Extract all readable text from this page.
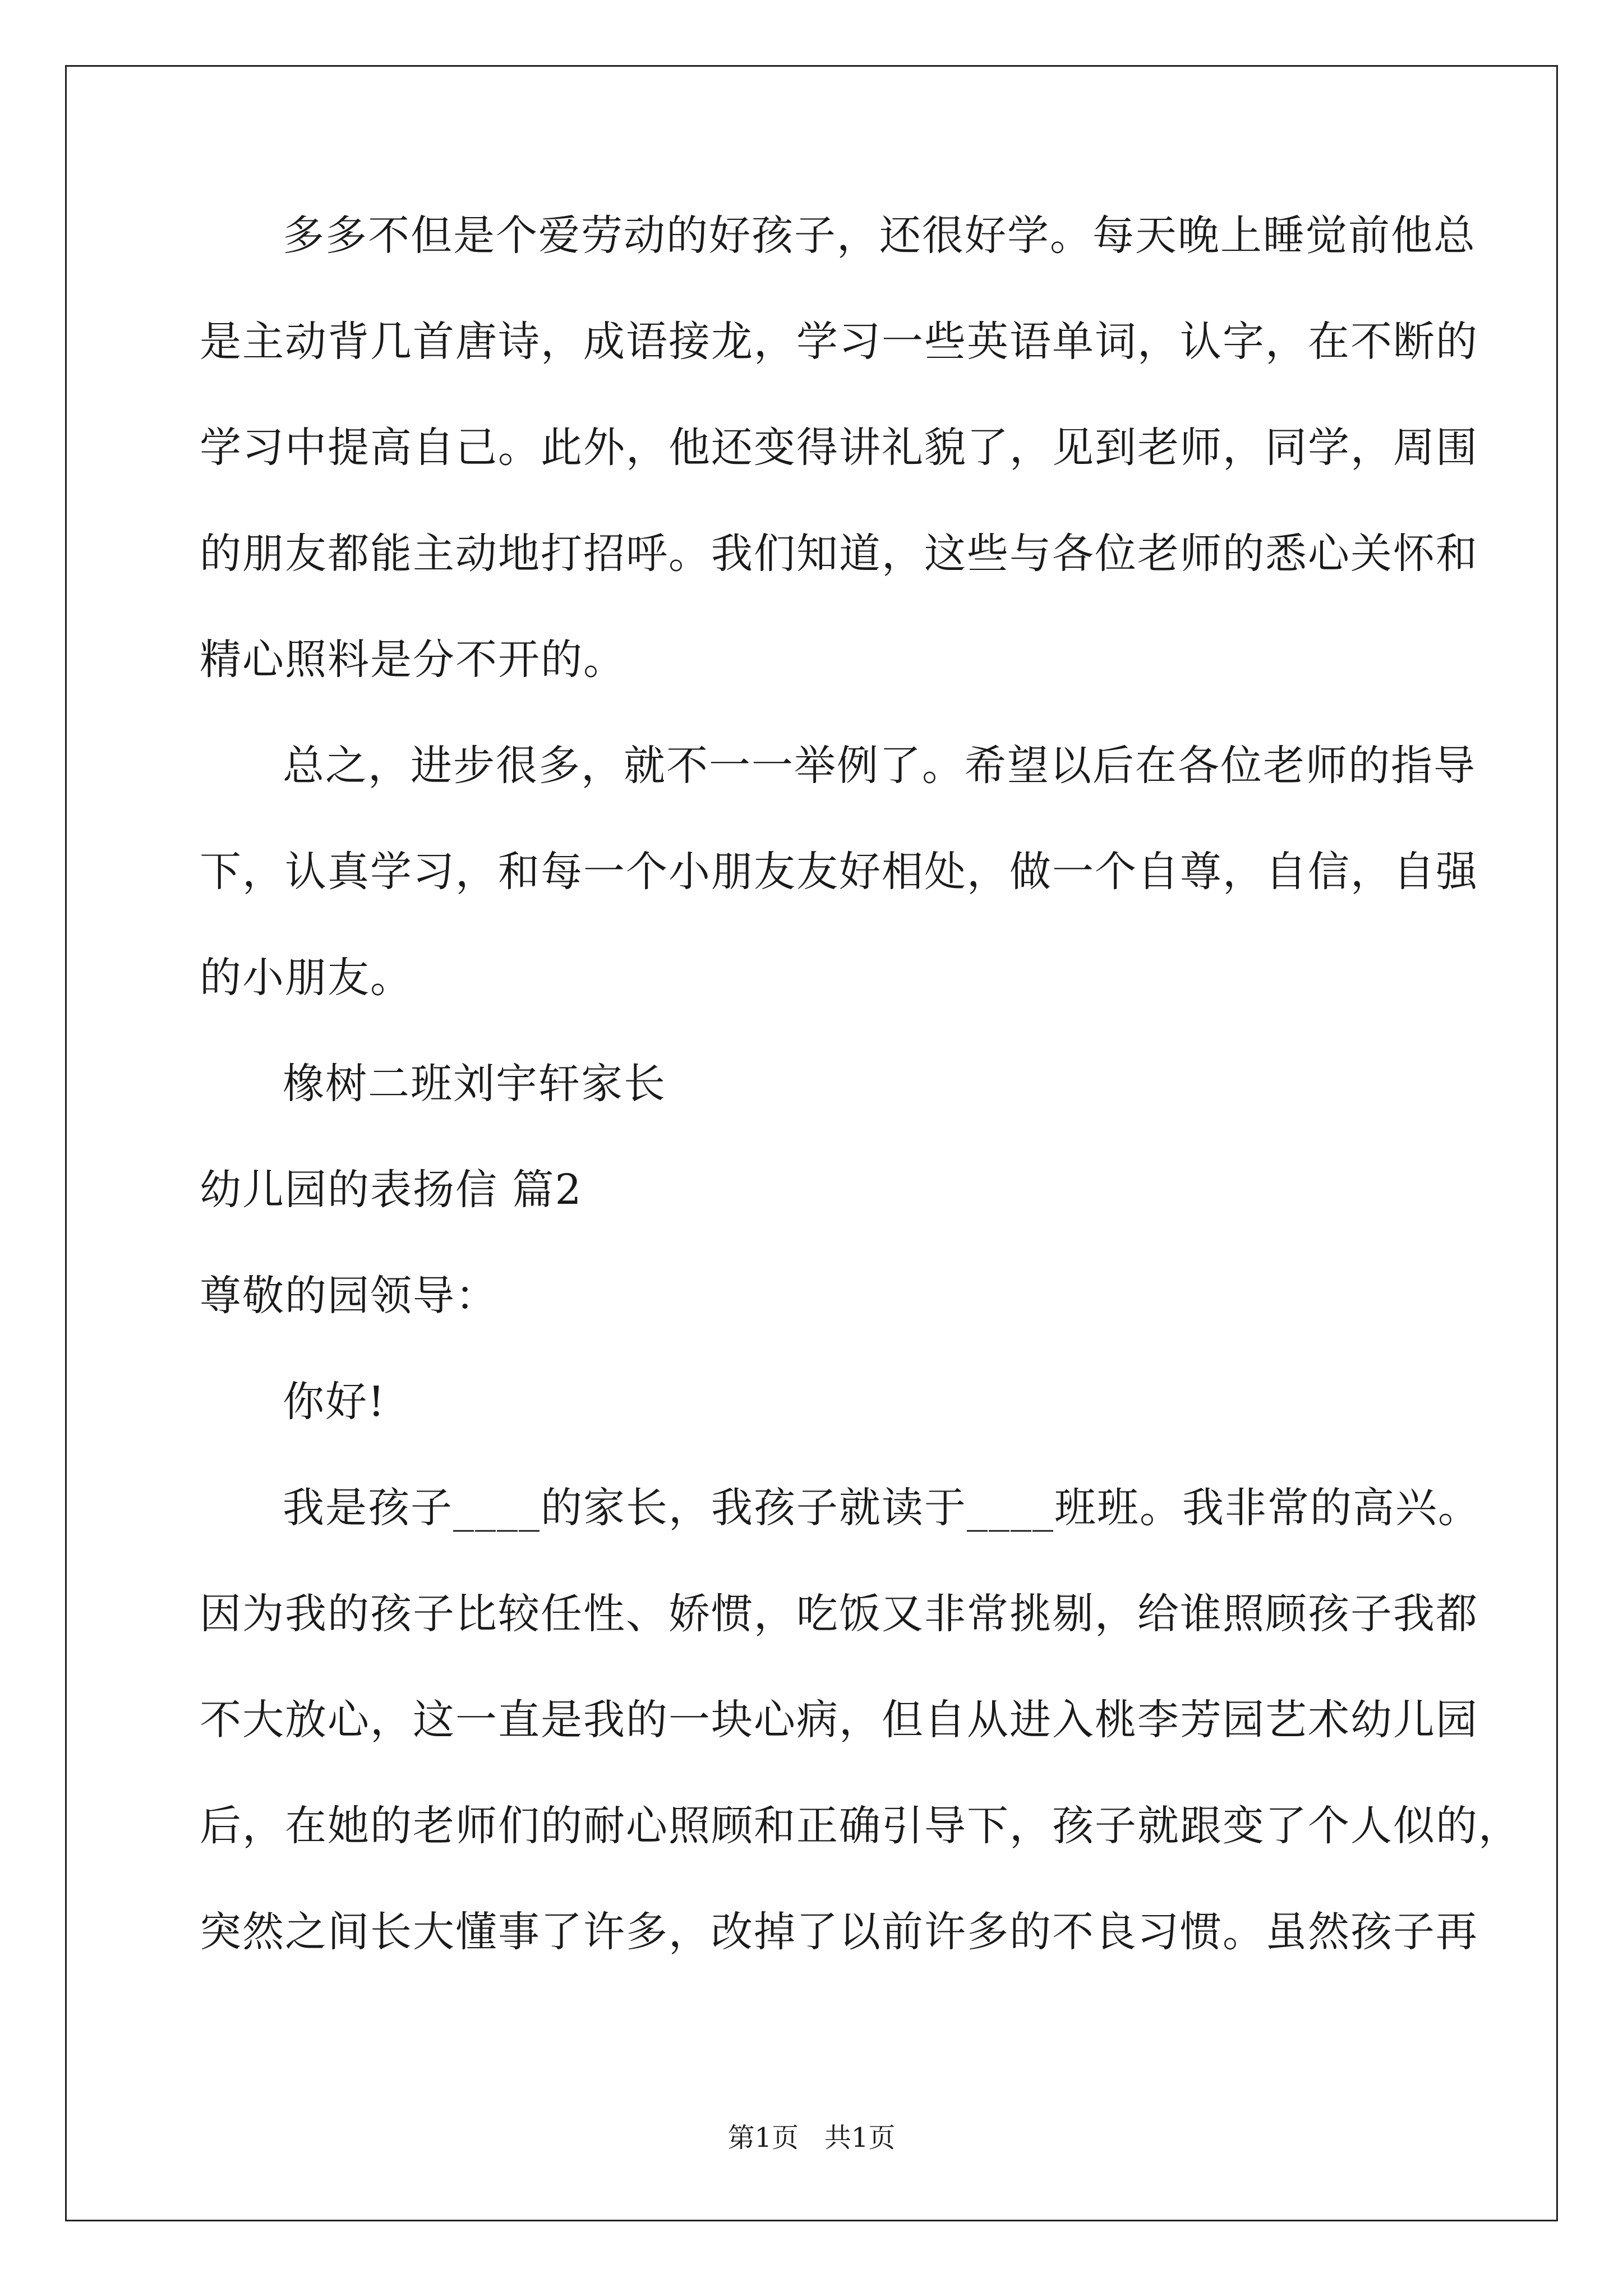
多多不但是个爱劳动的好孩子，还很好学。每天晚上睡觉前他总
是主动背几首唐诗，成语接龙，学习一些英语单词，认字，在不断的
学习中提高自己。此外，他还变得讲礼貌了，见到老师，同学，周围
的朋友都能主动地打招呼。我们知道，这些与各位老师的悉心关怀和
精心照料是分不开的。
总之，进步很多，就不一一举例了。希望以后在各位老师的指导
下，认真学习，和每一个小朋友友好相处，做一个自尊，自信，自强
的小朋友。
橡树二班刘宇轩家长
幼儿园的表扬信 篇2
尊敬的园领导：
你好!
我是孩子____的家长，我孩子就读于____班班。我非常的高兴。
因为我的孩子比较任性、娇惯，吃饭又非常挑剔，给谁照顾孩子我都
不大放心，这一直是我的一块心病，但自从进入桃李芳园艺术幼儿园
后，在她的老师们的耐心照顾和正确引导下，孩子就跟变了个人似的，
突然之间长大懂事了许多，改掉了以前许多的不良习惯。虽然孩子再
第1页   共1页
